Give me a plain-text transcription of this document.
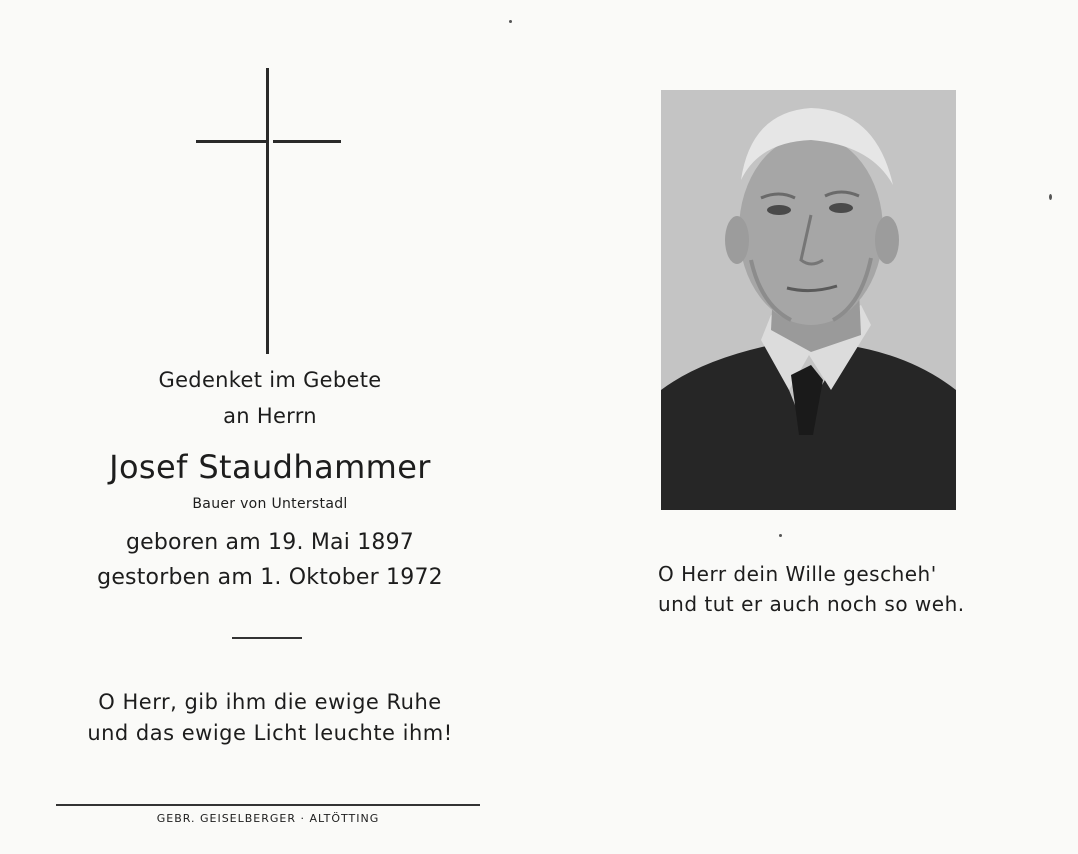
Gedenket im Gebete
an Herrn
Josef Staudhammer
Bauer von Unterstadl
geboren am 19. Mai 1897
gestorben am 1. Oktober 1972
O Herr, gib ihm die ewige Ruhe
und das ewige Licht leuchte ihm!
GEBR. GEISELBERGER · ALTÖTTING
O Herr dein Wille gescheh'
und tut er auch noch so weh.
